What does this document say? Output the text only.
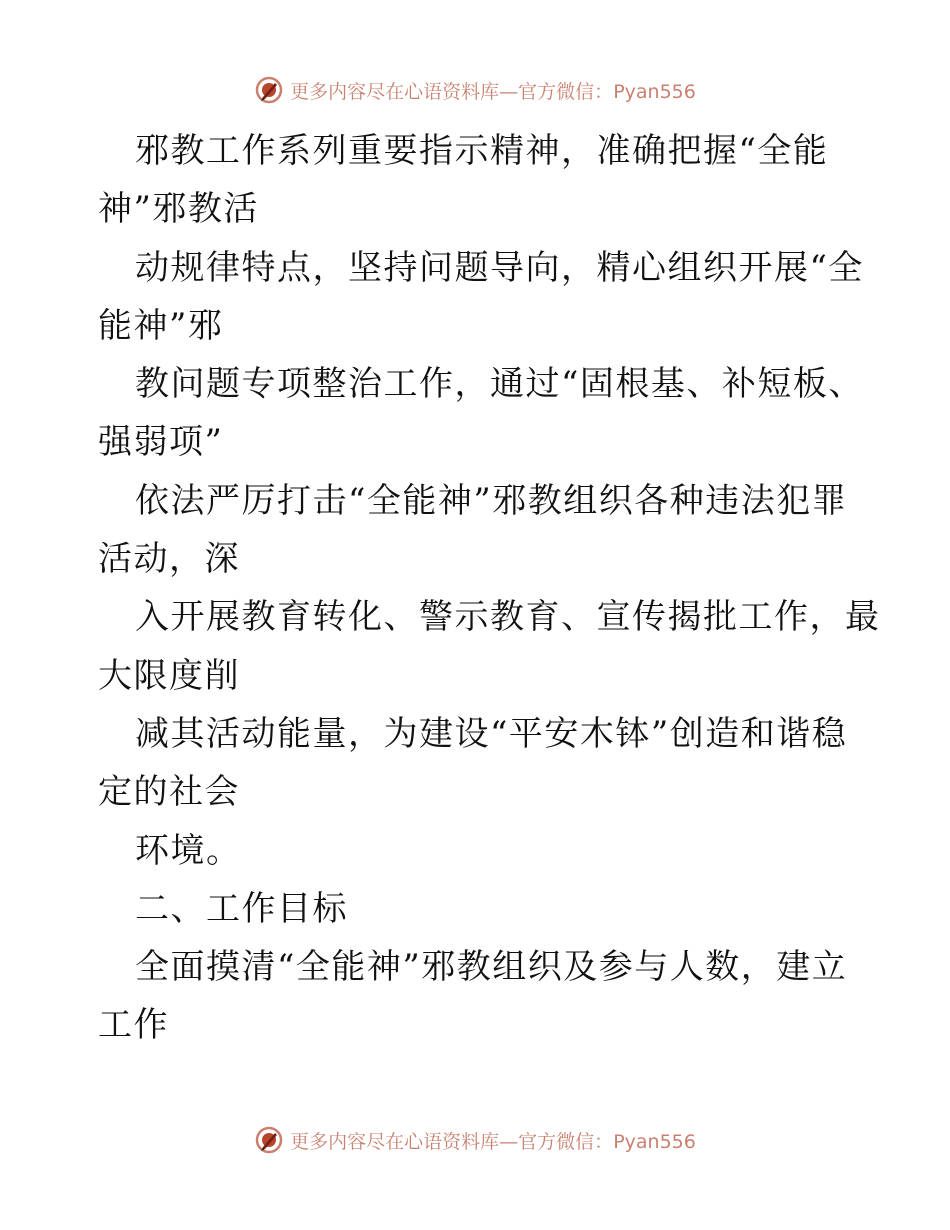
更多内容尽在心语资料库—官方微信：Pyan556
邪教工作系列重要指示精神，准确把握“全能
神”邪教活
动规律特点，坚持问题导向，精心组织开展“全
能神”邪
教问题专项整治工作，通过“固根基、补短板、
强弱项”
依法严厉打击“全能神”邪教组织各种违法犯罪
活动，深
入开展教育转化、警示教育、宣传揭批工作，最
大限度削
减其活动能量，为建设“平安木钵”创造和谐稳
定的社会
环境。
二、工作目标
全面摸清“全能神”邪教组织及参与人数，建立
工作
更多内容尽在心语资料库—官方微信：Pyan556
